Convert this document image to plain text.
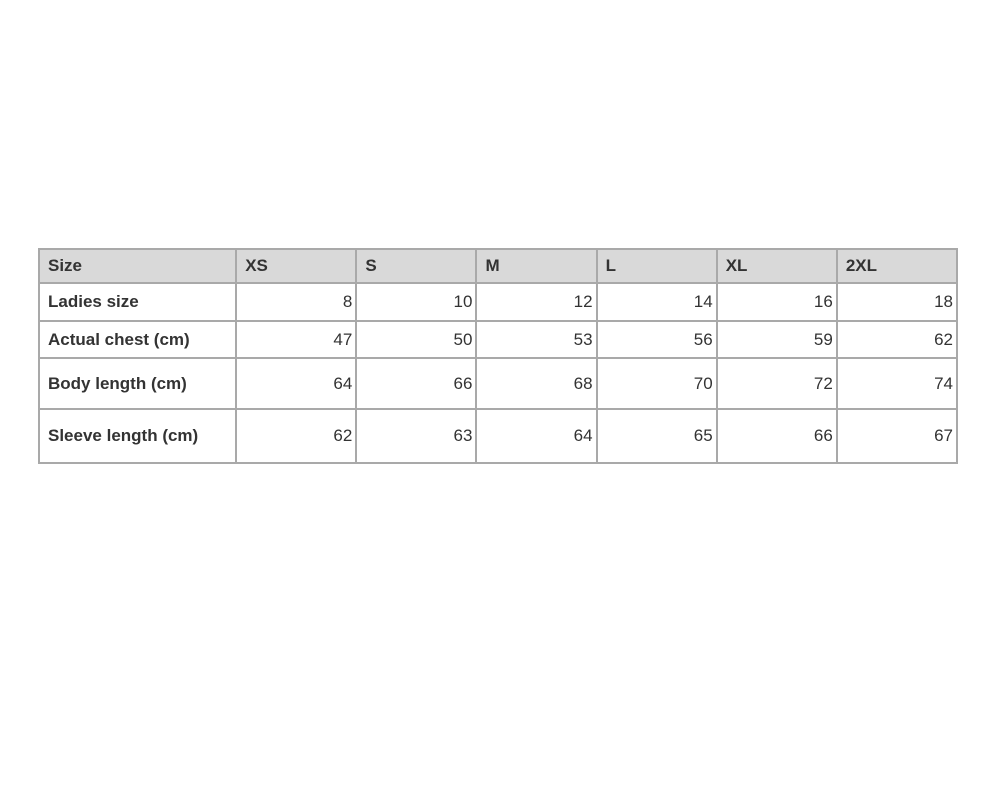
Size	XS	S	M	L	XL	2XL
Ladies size	8	10	12	14	16	18
Actual chest (cm)	47	50	53	56	59	62
Body length (cm)	64	66	68	70	72	74
Sleeve length (cm)	62	63	64	65	66	67
